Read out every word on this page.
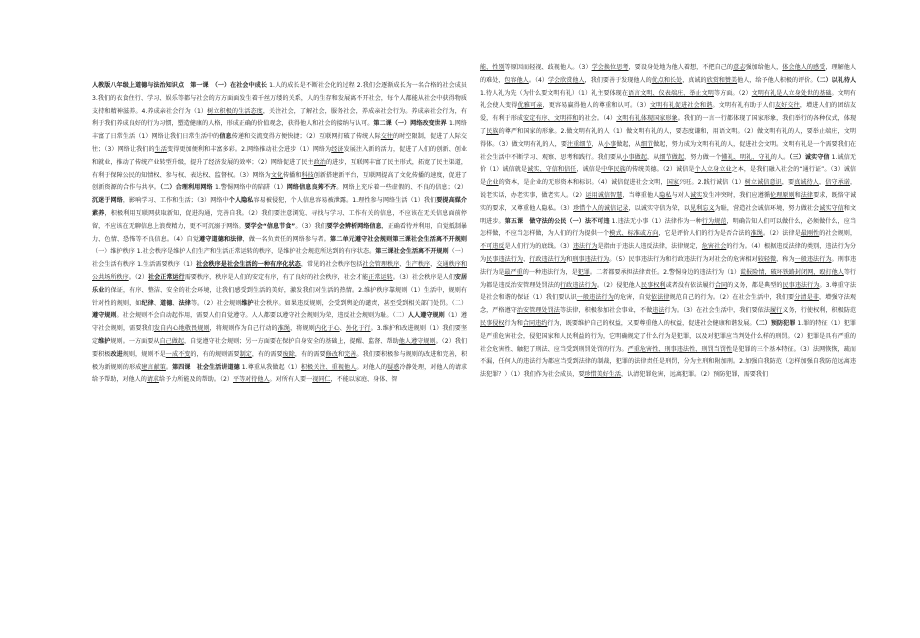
人教版八年级上道德与法治知识点　第一课　（一）在社会中成长 1.人的成长是不断社会化的过程 2.我们会逐渐成长为一名合格的社会成员 3.我们的衣食住行、学习、娱乐等都与社会的方方面面发生着千丝万缕的关系，人的生存和发展离不开社会，每个人都能从社会中获得物质支持和精神滋养。4.养成亲社会行为（1）树立积极的生活态度，关注社会，了解社会，服务社会，养成亲社会行为。养成亲社会行为，有利于我们养成良好的行为习惯，塑造健康的人格，形成正确的价值观念，获得他人和社会的接纳与认可。第二课（一）网络改变世界 1.网络丰富了日常生活（1）网络让我们日常生活中的信息传递和交流变得方便快捷；（2）互联网打破了传统人际交往的时空限制，促进了人际交往；（3）网络让我们的生活变得更加便利和丰富多彩。2.网络推动社会进步（1）网络为经济发展注入新的活力，促进了人们的创新、创业和就业，推动了传统产业转型升级，提升了经济发展的效率；（2）网络促进了民主政治的进步，互联网丰富了民主形式，拓宽了民主渠道，有利于保障公民的知情权、参与权、表达权、监督权。（3）网络为文化传播和科技创新搭建新平台，互联网提高了文化传播的速度，促进了创新资源的合作与共享。（二）合理利用网络 1.警惕网络中的陷阱（1）网络信息良莠不齐。网络上充斥着一些虚假的、不良的信息；（2）沉迷于网络，影响学习、工作和生活；（3）网络中个人隐私容易被侵犯，个人信息容易被泄露。1.理性参与网络生活（1）我们要提高媒介素养，积极利用互联网获取新知，促进沟通，完善自我。（2）我们要注意浏览、寻找与学习、工作有关的信息，不应该在无关信息面前停留，不应该在无聊信息上浪费精力，更不可沉溺于网络。要学会“信息节食”。（3）我们要学会辨析网络信息，正确看待并利用，自觉抵制暴力、色情、恐怖等不良信息。（4）自觉遵守道德和法律，做一名负责任的网络参与者。第二单元遵守社会规则第三课社会生活离不开规则（一）维护秩序 1.社会秩序是维护人们生产和生活正常运转的秩序，是维护社会规范所达到的有序状态。第三课社会生活离不开规则（一）社会生活有秩序 1.生活需要秩序（1）社会秩序是社会生活的一种有序化状态，常见的社会秩序包括社会管理秩序、生产秩序、交通秩序和公共场所秩序。（2）社会正常运行需要秩序，秩序是人们的安定有序，有了良好的社会秩序，社会才能正常运转。（3）社会秩序是人们安居乐业的保证，有序、整洁、安全的社会环境，让我们感受到生活的美好，激发我们对生活的热情。2.维护秩序靠规则（1）生活中，规则有针对性的规则，如纪律、道德、法律等。（2）社会规则维护社会秩序。如果违反规则，会受到舆论的谴责，甚至受到相关部门处罚。（二）遵守规则。社会规则不会自动起作用，需要人们自觉遵守。人人都要以遵守社会规则为荣，违反社会规则为耻。（二）人人遵守规则（1）遵守社会规则，需要我们发自内心地敬畏规则，将规则作为自己行动的准绳，将规则内化于心、外化于行。3.维护和改进规则（1）我们要坚定维护规则。一方面要从自己做起，自觉遵守社会规则；另一方面要在保护自身安全的基础上，提醒、监督、帮助他人遵守规则。（2）我们要积极改进规则，规则不是一成不变的，有的规则需要制定，有的需要废除，有的需要修改和完善。我们要积极参与规则的改进和完善，积极为新规则的形成建言献策。第四课　社会生活讲道德 1.尊重从我做起（1）积极关注、重视他人。对他人的疑惑冷静处理，对他人的请求给予帮助，对他人的请求给予力所能及的帮助。（2）平等对待他人。对所有人要一视同仁，不能以家庭、身体、智
能、性别等原因而轻视、歧视他人。（3）学会换位思考，要设身处地为他人着想，不把自己的意志强加给他人，体会他人的感受，理解他人的难处，包容他人。（4）学会欣赏他人，我们要善于发现他人的优点和长处，真诚的欣赏和赞美他人，给予他人积极的评价。（二）以礼待人 1.待人礼为先（为什么要文明有礼）（1）礼主要体现在语言文明、仪表端庄、举止文明等方面。（2）文明有礼是人立身处世的基础。文明有礼会使人变得优雅可亲，更容易赢得他人的尊重和认可。（3）文明有礼促进社会和谐。文明有礼有助于人们友好交往，增进人们的团结友爱，有利于形成安定有序、文明祥和的社会。（4）文明有礼体现国家形象。我们的一言一行都体现了国家形象，我们举行的各种仪式，体现了民族的尊严和国家的形象。2.做文明有礼的人（1）做文明有礼的人，要态度谦和，用语文明。（2）做文明有礼的人，要举止端庄，文明得体。（3）做文明有礼的人，要注重细节，从小事做起，从细节做起，努力成为文明有礼的人，促进社会文明。文明有礼是一个需要我们在社会生活中不断学习、观察、思考和践行。我们要从小事做起，从细节做起，努力做一个懂礼、明礼、守礼的人。（三）诚实守信 1.诚信无价（1）诚信就是诚实、守信和信任，诚信是中华民族的传统美德。（2）诚信是个人立身立业之本，是我们融入社会的“通行证”。（3）诚信是企业的资本，是企业的无形资本和标识。（4）诚信促进社会文明，国家兴旺。2.践行诚信（1）树立诚信意识，要真诚待人，信守承诺，说老实话，办老实事，做老实人。（2）运用诚信智慧，当尊重他人隐私与对人诚实发生冲突时，我们应遵循伦理原则和法律要求，既恪守诚实的要求，又尊重他人隐私。（3）珍惜个人的诚信记录，以诚实守信为荣，以见利忘义为耻，营造社会诚信环境，努力做社会诚实守信和文明进步。第五课　做守法的公民（一）法不可违 1.违法无小事（1）法律作为一种行为规范，明确告知人们可以做什么，必须做什么，应当怎样做，不应当怎样做，为人们的行为提供一个模式、标准或方向，它是评价人们的行为是否合法的准绳。（2）法律是最刚性的社会规则，不可违反是人们行为的底线。（3）违法行为是指由于违法人违反法律，法律规定，危害社会的行为。（4）根据违反法律的类别，违法行为分为民事违法行为、行政违法行为和刑事违法行为。（5）民事违法行为和行政违法行为对社会的危害相对较轻微，称为一般违法行为。刑事违法行为是最严重的一种违法行为，是犯罪。二者都要承担法律责任。2.警惕身边的违法行为（1）谎报险情，破坏铁路封闭网，殴打他人等行为都是违反治安管理处罚法的行政违法行为。（2）侵犯他人民事权利或者没有依法履行合同的义务，都是典型的民事违法行为。3.尊重守法是社会和谐的保证（1）我们要认识一般违法行为的危害，自觉依法律规范自己的行为。（2）在社会生活中，我们要分清是非，增强守法观念，严格遵守治安管理处罚法等法律，积极参加社会事业，不做违法行为。（3）在社会生活中，我们要依法履行义务，行使权利，积极防范民事侵权行为和合同违约行为，既要维护自己的权益，又要尊重他人的权益，促进社会健康和谐发展。（二）预防犯罪 1.罪的特征（1）犯罪是严重危害社会，侵犯国家和人民利益的行为，它明确规定了什么行为是犯罪，以及对犯罪应当判处什么样的刑罚。（2）犯罪是具有严重的社会危害性、触犯了刑法、应当受到刑罚处罚的行为。严重危害性、刑事违法性、刑罚当罚性是犯罪的三个基本特征。（3）法网恢恢，疏而不漏，任何人的违法行为都应当受到法律的制裁，犯罪的法律责任是刑罚，分为主刑和附加刑。2.加强自我防范（怎样加强自我防范远离违法犯罪？）（1）我们作为社会成员，要珍惜美好生活，认清犯罪危害，远离犯罪。（2）预防犯罪，需要我们
